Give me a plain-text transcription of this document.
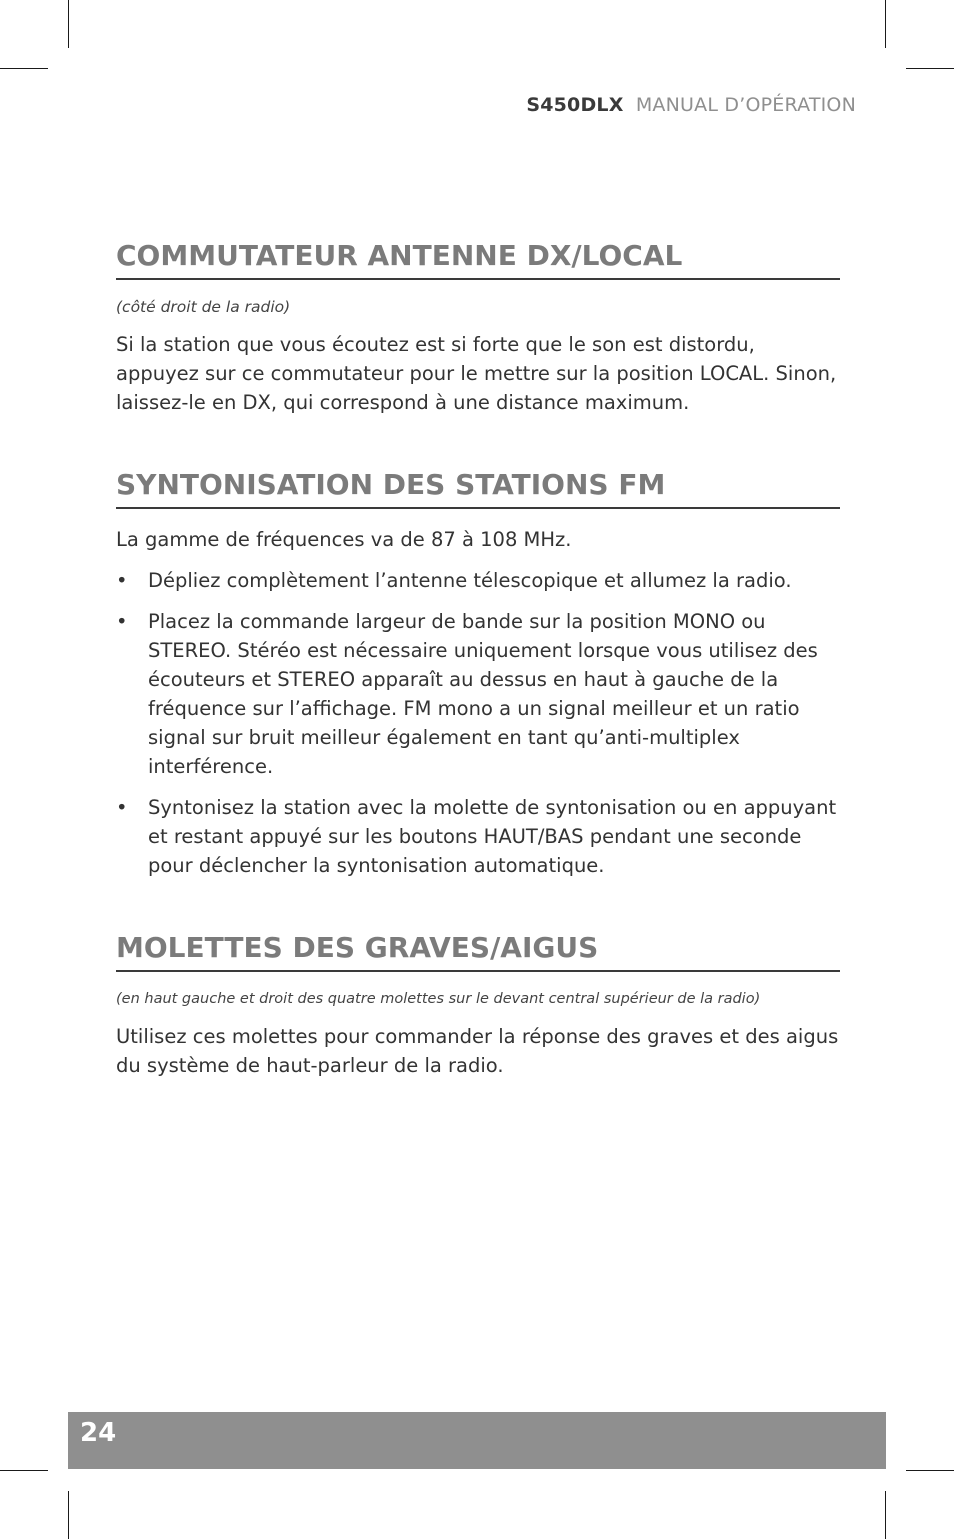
S450DLX MANUAL D’OPÉRATION
COMMUTATEUR ANTENNE DX/LOCAL

(côté droit de la radio)

Si la station que vous écoutez est si forte que le son est distordu, appuyez sur ce commutateur pour le mettre sur la position LOCAL. Sinon, laissez-le en DX, qui correspond à une distance maximum.

SYNTONISATION DES STATIONS FM

La gamme de fréquences va de 87 à 108 MHz.

• Dépliez complètement l’antenne télescopique et allumez la radio.
• Placez la commande largeur de bande sur la position MONO ou STEREO. Stéréo est nécessaire uniquement lorsque vous utilisez des écouteurs et STEREO apparaît au dessus en haut à gauche de la fréquence sur l’affichage. FM mono a un signal meilleur et un ratio signal sur bruit meilleur également en tant qu’anti-multiplex interférence.
• Syntonisez la station avec la molette de syntonisation ou en appuyant et restant appuyé sur les boutons HAUT/BAS pendant une seconde pour déclencher la syntonisation automatique.
MOLETTES DES GRAVES/AIGUS

(en haut gauche et droit des quatre molettes sur le devant central supérieur de la radio)

Utilisez ces molettes pour commander la réponse des graves et des aigus du système de haut-parleur de la radio.

24
